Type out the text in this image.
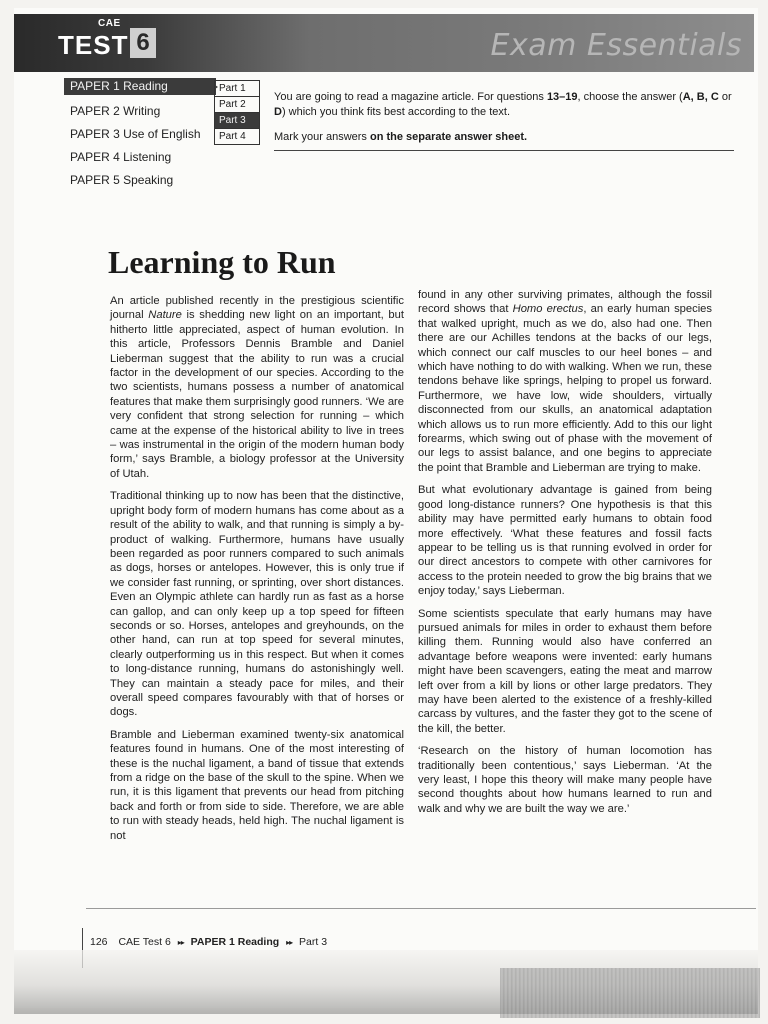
CAE
TEST 6	Exam Essentials
PAPER 1 Reading
PAPER 2 Writing
PAPER 3 Use of English
PAPER 4 Listening
PAPER 5 Speaking
Part 1
Part 2
Part 3
Part 4

You are going to read a magazine article. For questions 13–19, choose the answer (A, B, C or D) which you think fits best according to the text.

Mark your answers on the separate answer sheet.

Learning to Run

An article published recently in the prestigious scientific journal Nature is shedding new light on an important, but hitherto little appreciated, aspect of human evolution. In this article, Professors Dennis Bramble and Daniel Lieberman suggest that the ability to run was a crucial factor in the development of our species. According to the two scientists, humans possess a number of anatomical features that make them surprisingly good runners. ‘We are very confident that strong selection for running – which came at the expense of the historical ability to live in trees – was instrumental in the origin of the modern human body form,’ says Bramble, a biology professor at the University of Utah.

Traditional thinking up to now has been that the distinctive, upright body form of modern humans has come about as a result of the ability to walk, and that running is simply a by-product of walking. Furthermore, humans have usually been regarded as poor runners compared to such animals as dogs, horses or antelopes. However, this is only true if we consider fast running, or sprinting, over short distances. Even an Olympic athlete can hardly run as fast as a horse can gallop, and can only keep up a top speed for fifteen seconds or so. Horses, antelopes and greyhounds, on the other hand, can run at top speed for several minutes, clearly outperforming us in this respect. But when it comes to long-distance running, humans do astonishingly well. They can maintain a steady pace for miles, and their overall speed compares favourably with that of horses or dogs.

Bramble and Lieberman examined twenty-six anatomical features found in humans. One of the most interesting of these is the nuchal ligament, a band of tissue that extends from a ridge on the base of the skull to the spine. When we run, it is this ligament that prevents our head from pitching back and forth or from side to side. Therefore, we are able to run with steady heads, held high. The nuchal ligament is not

found in any other surviving primates, although the fossil record shows that Homo erectus, an early human species that walked upright, much as we do, also had one. Then there are our Achilles tendons at the backs of our legs, which connect our calf muscles to our heel bones – and which have nothing to do with walking. When we run, these tendons behave like springs, helping to propel us forward. Furthermore, we have low, wide shoulders, virtually disconnected from our skulls, an anatomical adaptation which allows us to run more efficiently. Add to this our light forearms, which swing out of phase with the movement of our legs to assist balance, and one begins to appreciate the point that Bramble and Lieberman are trying to make.

But what evolutionary advantage is gained from being good long-distance runners? One hypothesis is that this ability may have permitted early humans to obtain food more effectively. ‘What these features and fossil facts appear to be telling us is that running evolved in order for our direct ancestors to compete with other carnivores for access to the protein needed to grow the big brains that we enjoy today,’ says Lieberman.

Some scientists speculate that early humans may have pursued animals for miles in order to exhaust them before killing them. Running would also have conferred an advantage before weapons were invented: early humans might have been scavengers, eating the meat and marrow left over from a kill by lions or other large predators. They may have been alerted to the existence of a freshly-killed carcass by vultures, and the faster they got to the scene of the kill, the better.

‘Research on the history of human locomotion has traditionally been contentious,’ says Lieberman. ‘At the very least, I hope this theory will make many people have second thoughts about how humans learned to run and walk and why we are built the way we are.’

126 CAE Test 6 ▸▸ PAPER 1 Reading ▸▸ Part 3
